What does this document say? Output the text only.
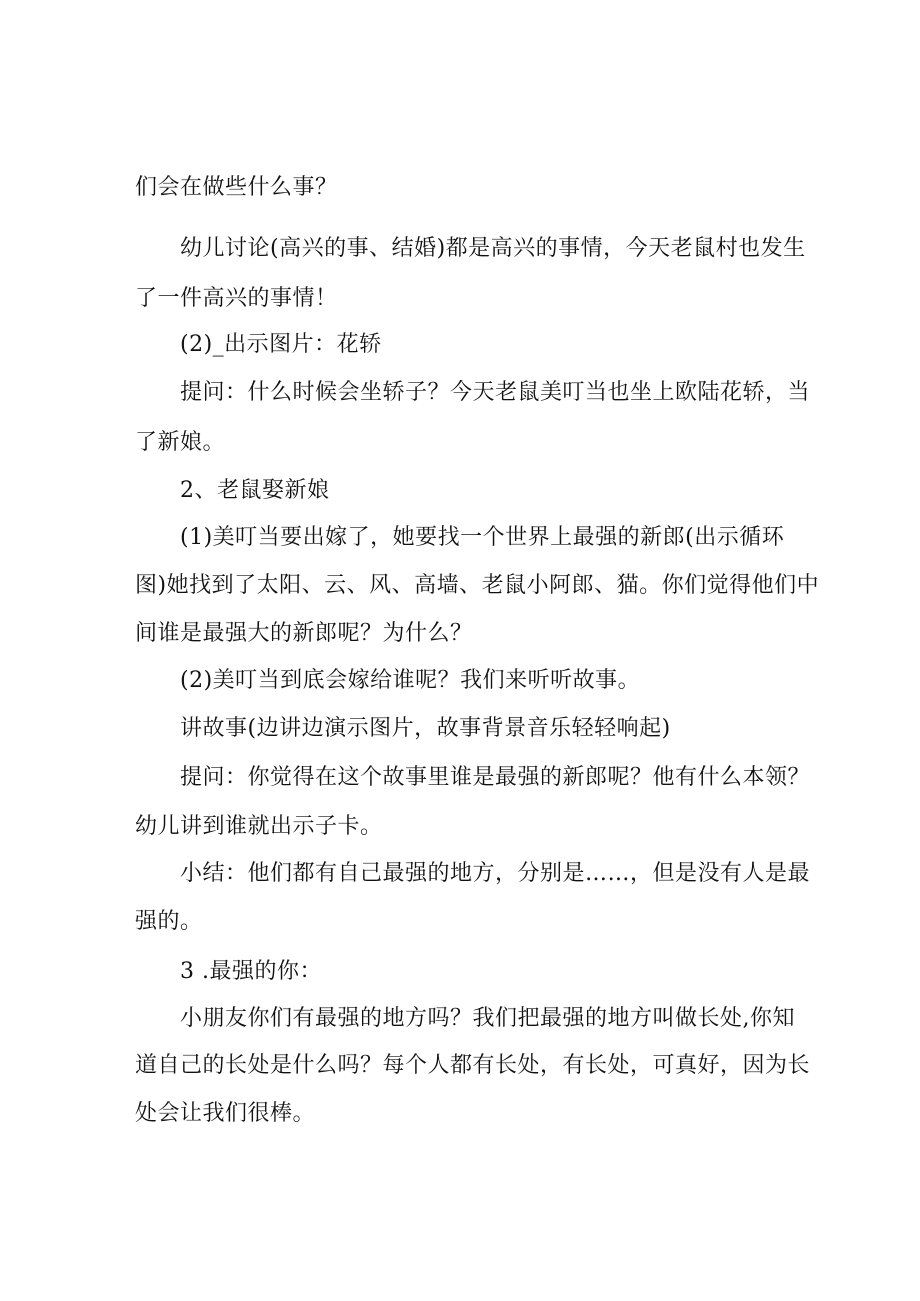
们会在做些什么事？
幼儿讨论(高兴的事、结婚)都是高兴的事情，今天老鼠村也发生
了一件高兴的事情！
(2)_出示图片：花轿
提问：什么时候会坐轿子？今天老鼠美叮当也坐上欧陆花轿，当
了新娘。
2、老鼠娶新娘
(1)美叮当要出嫁了，她要找一个世界上最强的新郎(出示循环
图)她找到了太阳、云、风、高墙、老鼠小阿郎、猫。你们觉得他们中
间谁是最强大的新郎呢？为什么？
(2)美叮当到底会嫁给谁呢？我们来听听故事。
讲故事(边讲边演示图片，故事背景音乐轻轻响起)
提问：你觉得在这个故事里谁是最强的新郎呢？他有什么本领？
幼儿讲到谁就出示子卡。
小结：他们都有自己最强的地方，分别是……，但是没有人是最
强的。
3 .最强的你：
小朋友你们有最强的地方吗？我们把最强的地方叫做长处,你知
道自己的长处是什么吗？每个人都有长处，有长处，可真好，因为长
处会让我们很棒。
